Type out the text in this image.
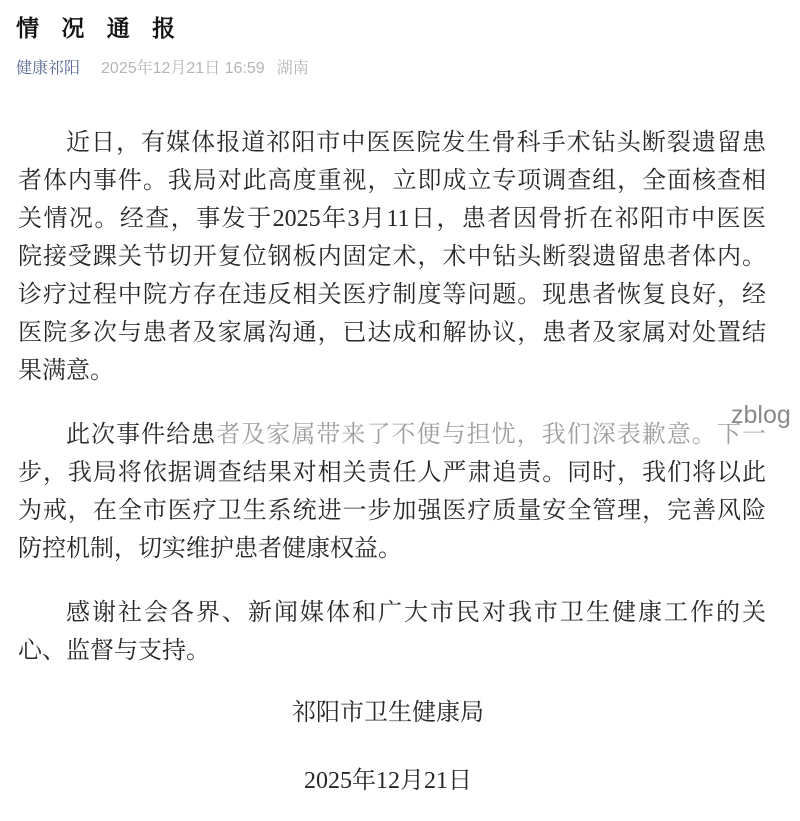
情 况 通 报
健康祁阳 2025年12月21日 16:59 湖南
近日，有媒体报道祁阳市中医医院发生骨科手术钻头断裂遗留患
者体内事件。我局对此高度重视，立即成立专项调查组，全面核查相
关情况。经查，事发于2025年3月11日，患者因骨折在祁阳市中医医
院接受踝关节切开复位钢板内固定术，术中钻头断裂遗留患者体内。
诊疗过程中院方存在违反相关医疗制度等问题。现患者恢复良好，经
医院多次与患者及家属沟通，已达成和解协议，患者及家属对处置结
果满意。
此次事件给患者及家属带来了不便与担忧，我们深表歉意。下一
步，我局将依据调查结果对相关责任人严肃追责。同时，我们将以此
为戒，在全市医疗卫生系统进一步加强医疗质量安全管理，完善风险
防控机制，切实维护患者健康权益。
感谢社会各界、新闻媒体和广大市民对我市卫生健康工作的关
心、监督与支持。
祁阳市卫生健康局
2025年12月21日
zblog
